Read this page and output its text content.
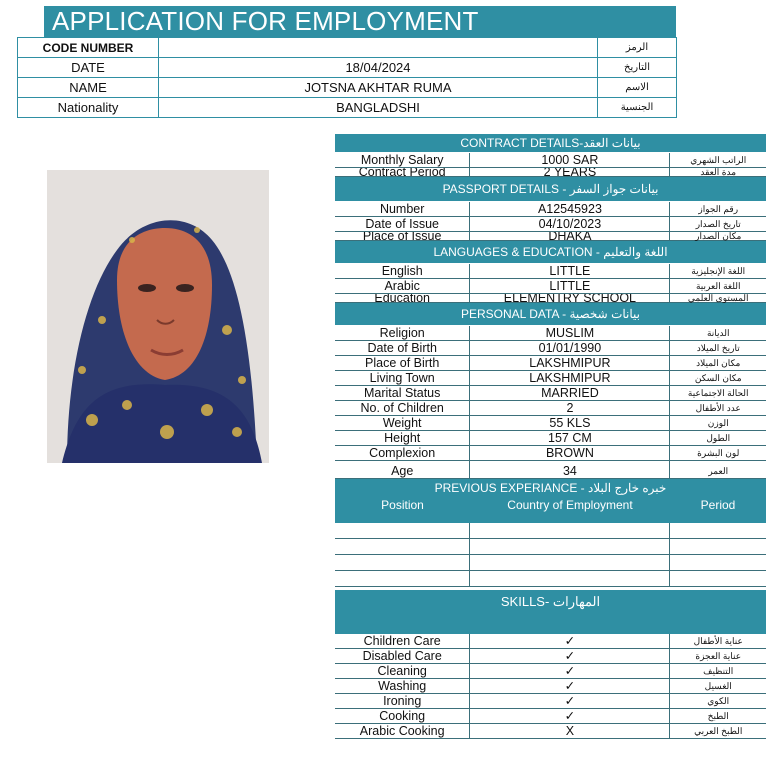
APPLICATION FOR EMPLOYMENT
CODE NUMBER		الرمز
DATE	18/04/2024	التاريخ
NAME	JOTSNA AKHTAR RUMA	الاسم
Nationality	BANGLADSHI	الجنسية
CONTRACT DETAILS-بيانات العقد
Monthly Salary	1000 SAR	الراتب الشهري
Contract Period	2 YEARS	مدة العقد
PASSPORT DETAILS - بيانات جواز السفر
Number	A12545923	رقم الجواز
Date of Issue	04/10/2023	تاريخ الصدار
Place of Issue	DHAKA	مكان الصدار
LANGUAGES & EDUCATION - اللغة والتعليم
English	LITTLE	اللغة الإنجليزية
Arabic	LITTLE	اللغة العربية
Education	ELEMENTRY SCHOOL	المستوى العلمي
PERSONAL DATA - بيانات شخصية
Religion	MUSLIM	الديانة
Date of Birth	01/01/1990	تاريخ الميلاد
Place of Birth	LAKSHMIPUR	مكان الميلاد
Living Town	LAKSHMIPUR	مكان السكن
Marital Status	MARRIED	الحالة الاجتماعية
No. of Children	2	عدد الأطفال
Weight	55 KLS	الوزن
Height	157 CM	الطول
Complexion	BROWN	لون البشرة
Age	34	العمر
PREVIOUS EXPERIANCE - خبره خارج البلاد
Position	Country of Employment	Period
SKILLS- المهارات
Children Care	✓	عناية الأطفال
Disabled Care	✓	عناية العجزة
Cleaning	✓	التنظيف
Washing	✓	الغسيل
Ironing	✓	الكوي
Cooking	✓	الطبخ
Arabic Cooking	X	الطبخ العربي
